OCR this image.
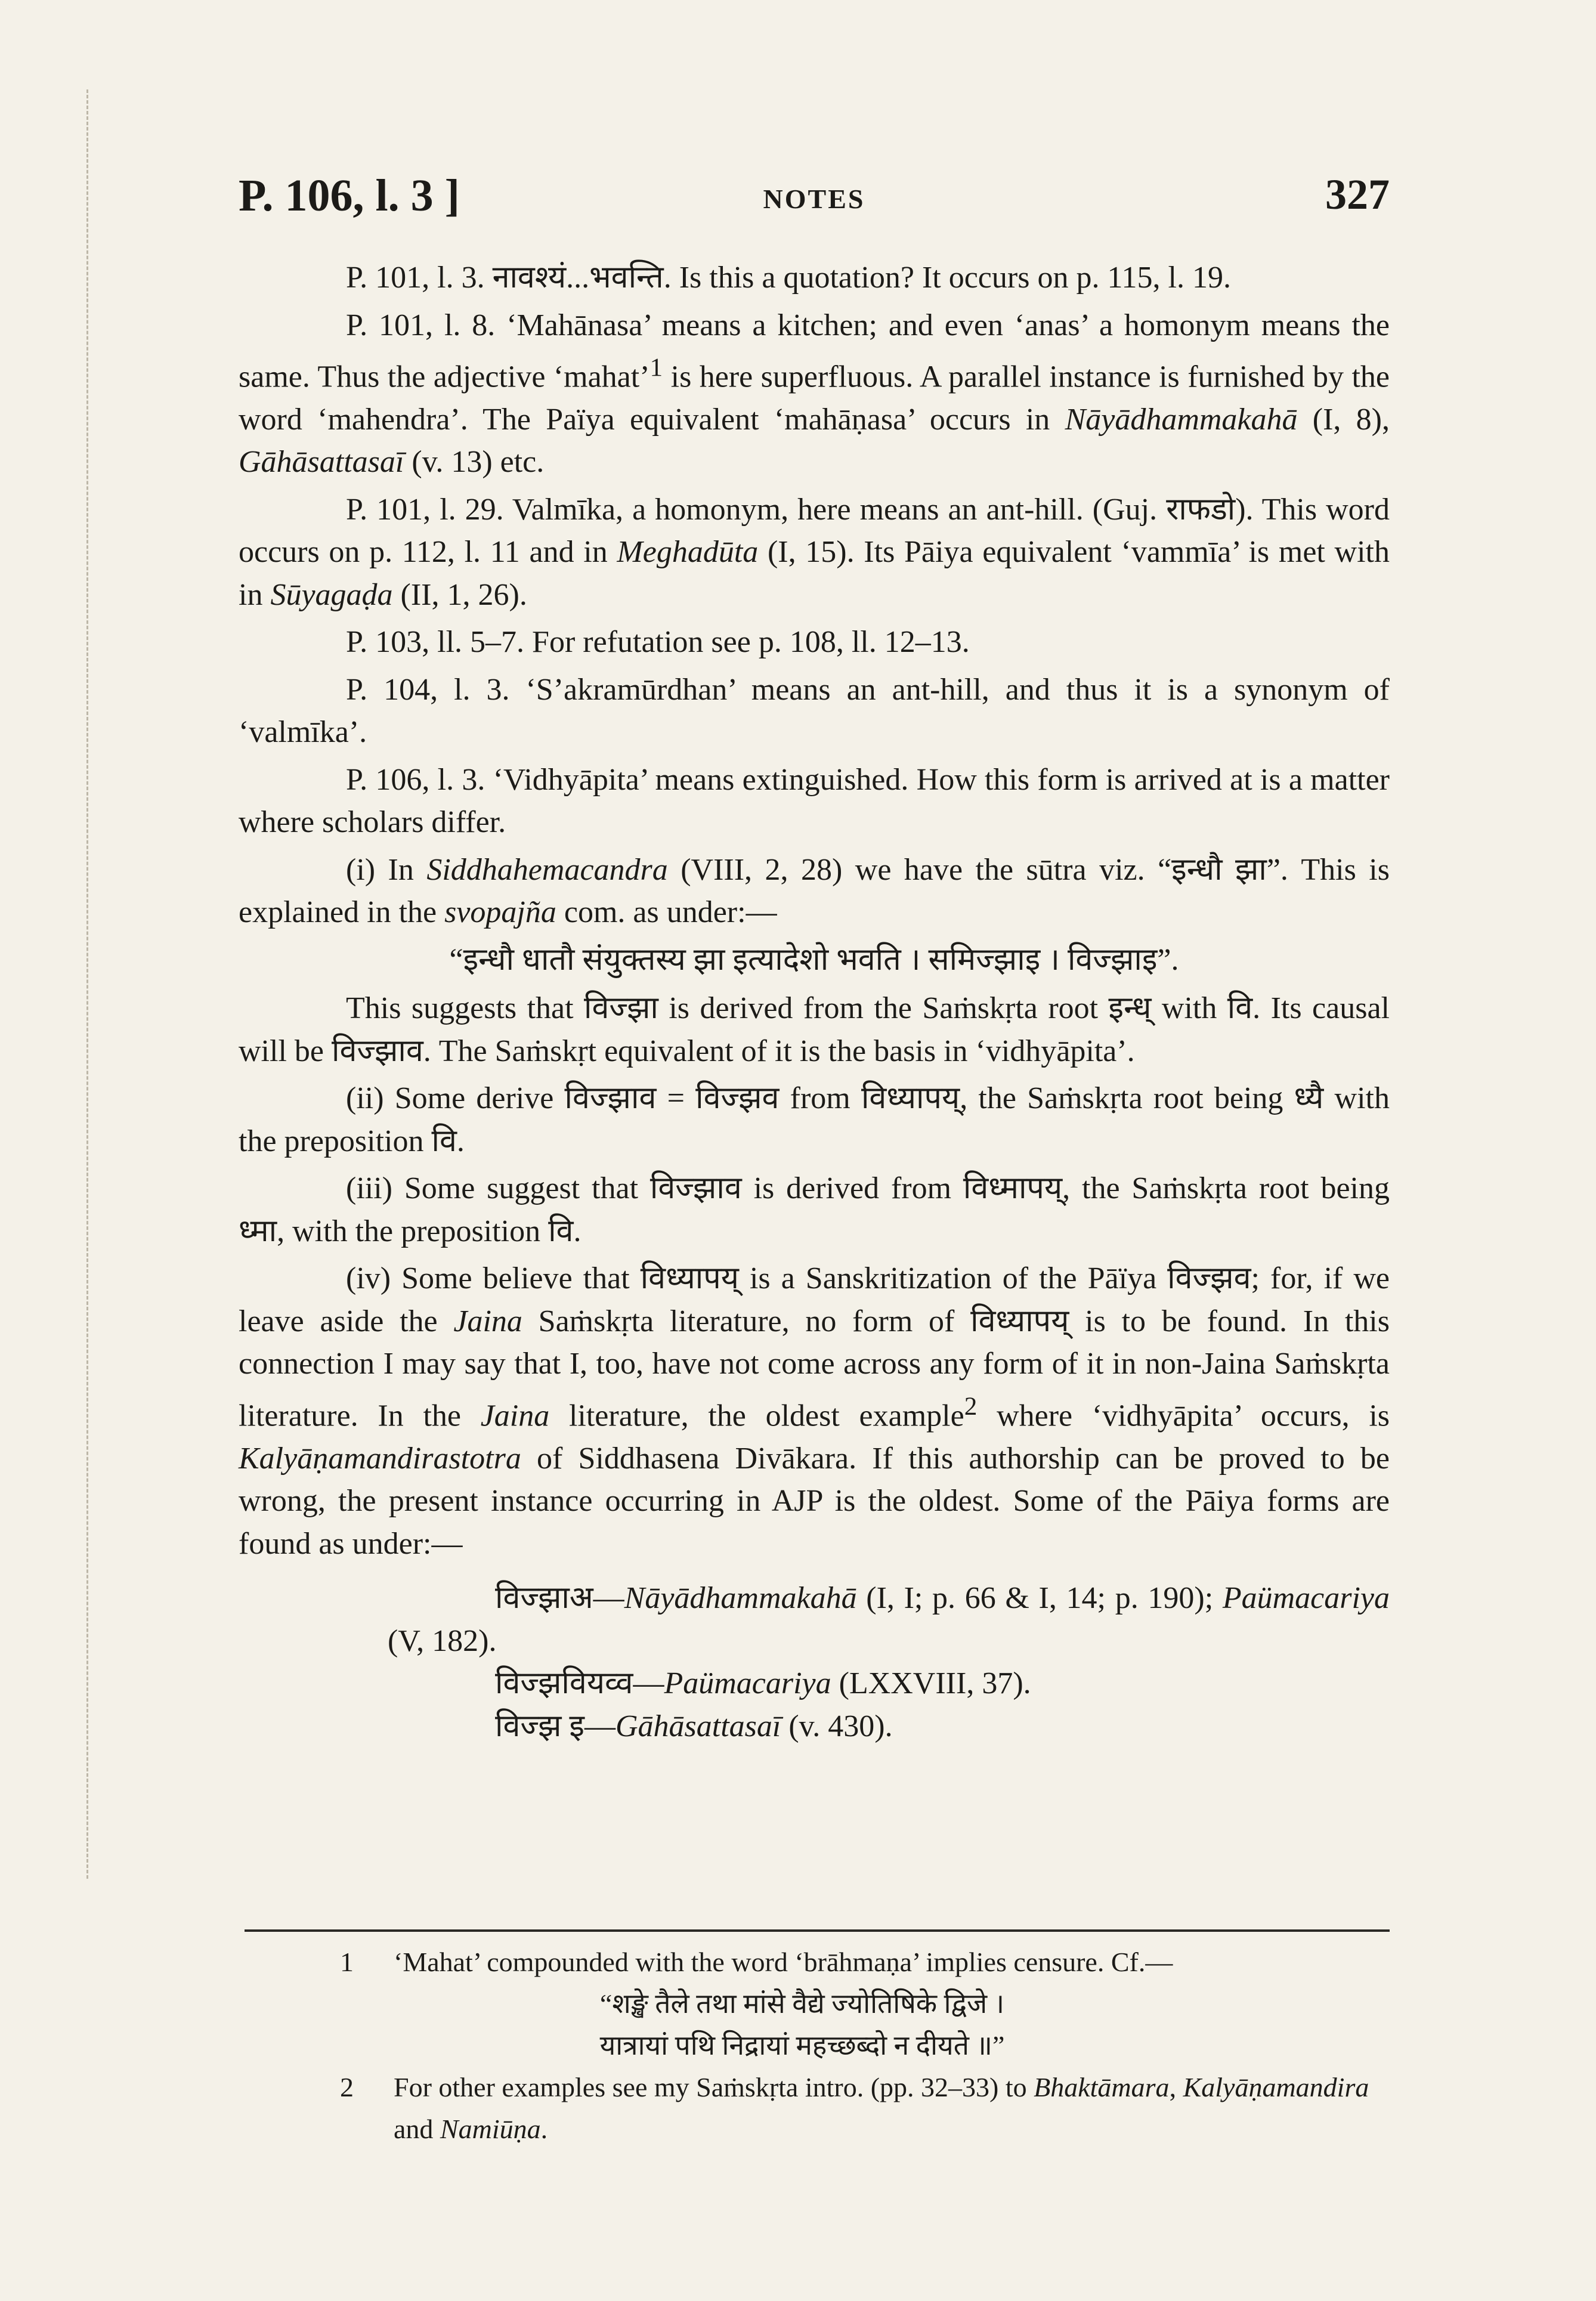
P. 106, l. 3 ]	NOTES	327

P. 101, l. 3. नावश्यं...भवन्ति. Is this a quotation? It occurs on p. 115, l. 19.

P. 101, l. 8. ‘Mahānasa’ means a kitchen; and even ‘anas’ a homonym means the same. Thus the adjective ‘mahat’$^1$ is here superfluous. A parallel instance is furnished by the word ‘mahendra’. The Païya equivalent ‘mahāṇasa’ occurs in Nāyādhammakahā (I, 8), Gāhāsattasaī (v. 13) etc.

P. 101, l. 29. Valmīka, a homonym, here means an ant-hill. (Guj. राफडो). This word occurs on p. 112, l. 11 and in Meghadūta (I, 15). Its Pāiya equivalent ‘vammīa’ is met with in Sūyagaḍa (II, 1, 26).

P. 103, ll. 5–7. For refutation see p. 108, ll. 12–13.

P. 104, l. 3. ‘S’akramūrdhan’ means an ant-hill, and thus it is a synonym of ‘valmīka’.

P. 106, l. 3. ‘Vidhyāpita’ means extinguished. How this form is arrived at is a matter where scholars differ.

(i) In Siddhahemacandra (VIII, 2, 28) we have the sūtra viz. “इन्धौ झा”. This is explained in the svopajña com. as under:—

“इन्धौ धातौ संयुक्तस्य झा इत्यादेशो भवति । समिज्झाइ । विज्झाइ”.

This suggests that विज्झा is derived from the Saṁskṛta root इन्ध् with वि. Its causal will be विज्झाव. The Saṁskṛt equivalent of it is the basis in ‘vidhyāpita’.

(ii) Some derive विज्झाव = विज्झव from विध्यापय्, the Saṁskṛta root being ध्यै with the preposition वि.

(iii) Some suggest that विज्झाव is derived from विध्मापय्, the Saṁskṛta root being ध्मा, with the preposition वि.

(iv) Some believe that विध्यापय् is a Sanskritization of the Pāïya विज्झव; for, if we leave aside the Jaina Saṁskṛta literature, no form of विध्यापय् is to be found. In this connection I may say that I, too, have not come across any form of it in non-Jaina Saṁskṛta literature. In the Jaina literature, the oldest example$^2$ where ‘vidhyāpita’ occurs, is Kalyāṇamandirastotra of Siddhasena Divākara. If this authorship can be proved to be wrong, the present instance occurring in AJP is the oldest. Some of the Pāiya forms are found as under:—

विज्झाअ—Nāyādhammakahā (I, I; p. 66 & I, 14; p. 190); Paümacariya (V, 182).

विज्झवियव्व—Paümacariya (LXXVIII, 37).

विज्झ इ—Gāhāsattasaī (v. 430).

1 ‘Mahat’ compounded with the word ‘brāhmaṇa’ implies censure. Cf.—
“शङ्खे तैले तथा मांसे वैद्ये ज्योतिषिके द्विजे ।
यात्रायां पथि निद्रायां महच्छब्दो न दीयते ॥”

2 For other examples see my Saṁskṛta intro. (pp. 32–33) to Bhaktāmara, Kalyāṇamandira and Namiūṇa.
